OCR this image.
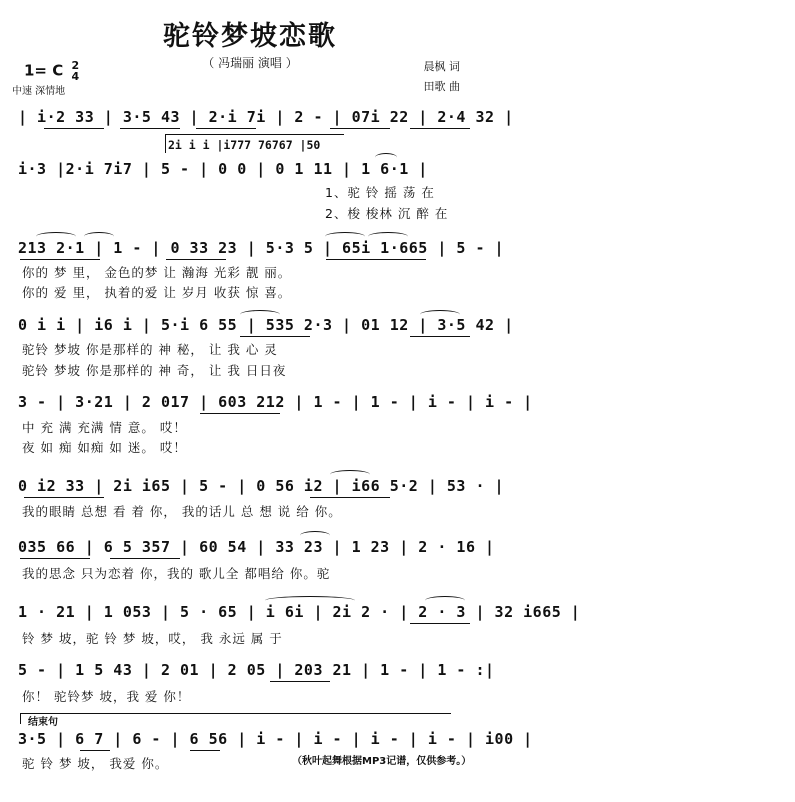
驼铃梦坡恋歌
（ 冯瑞丽 演唱 ）
1= C 2
4
中速 深情地
晨枫 词
田歌 曲
2i i i |i777 76767 |50
| i·2 33 | 3·5 43 | 2·i 7i | 2 - | 07i 22 | 2·4 32 |
i·3 |2·i 7i7 | 5 - | 0 0 | 0 1 11 | 1 6·1 |
1、驼 铃 摇 荡 在
2、梭 梭林 沉 醉 在
213 2·1 | 1 - | 0 33 23 | 5·3 5 | 65i 1·665 | 5 - |
你的 梦 里， 金色的梦 让 瀚海 光彩 靓 丽。
你的 爱 里， 执着的爱 让 岁月 收获 惊 喜。
0 i i | i6 i | 5·i 6 55 | 535 2·3 | 01 12 | 3·5 42 |
驼铃 梦坡 你是那样的 神 秘， 让 我 心 灵
驼铃 梦坡 你是那样的 神 奇， 让 我 日日夜
3 - | 3·21 | 2 017 | 603 212 | 1 - | 1 - | i - | i - |
中 充 满 充满 情 意。 哎！
夜 如 痴 如痴 如 迷。 哎！
0 i2 33 | 2i i65 | 5 - | 0 56 i2 | i66 5·2 | 53 · |
我的眼睛 总想 看 着 你， 我的话儿 总 想 说 给 你。
035 66 | 6 5 357 | 60 54 | 33 23 | 1 23 | 2 · 16 |
我的思念 只为恋着 你，我的 歌儿全 都唱给 你。驼
1 · 21 | 1 053 | 5 · 65 | i 6i | 2i 2 · | 2 · 3 | 32 i665 |
铃 梦 坡，驼 铃 梦 坡，哎， 我 永远 属 于
5 - | 1 5 43 | 2 01 | 2 05 | 203 21 | 1 - | 1 - :|
你！ 驼铃梦 坡，我 爱 你！
结束句
3·5 | 6 7 | 6 - | 6 56 | i - | i - | i - | i - | i00 |
驼 铃 梦 坡， 我爱 你。	（秋叶起舞根据MP3记谱，仅供参考。）
